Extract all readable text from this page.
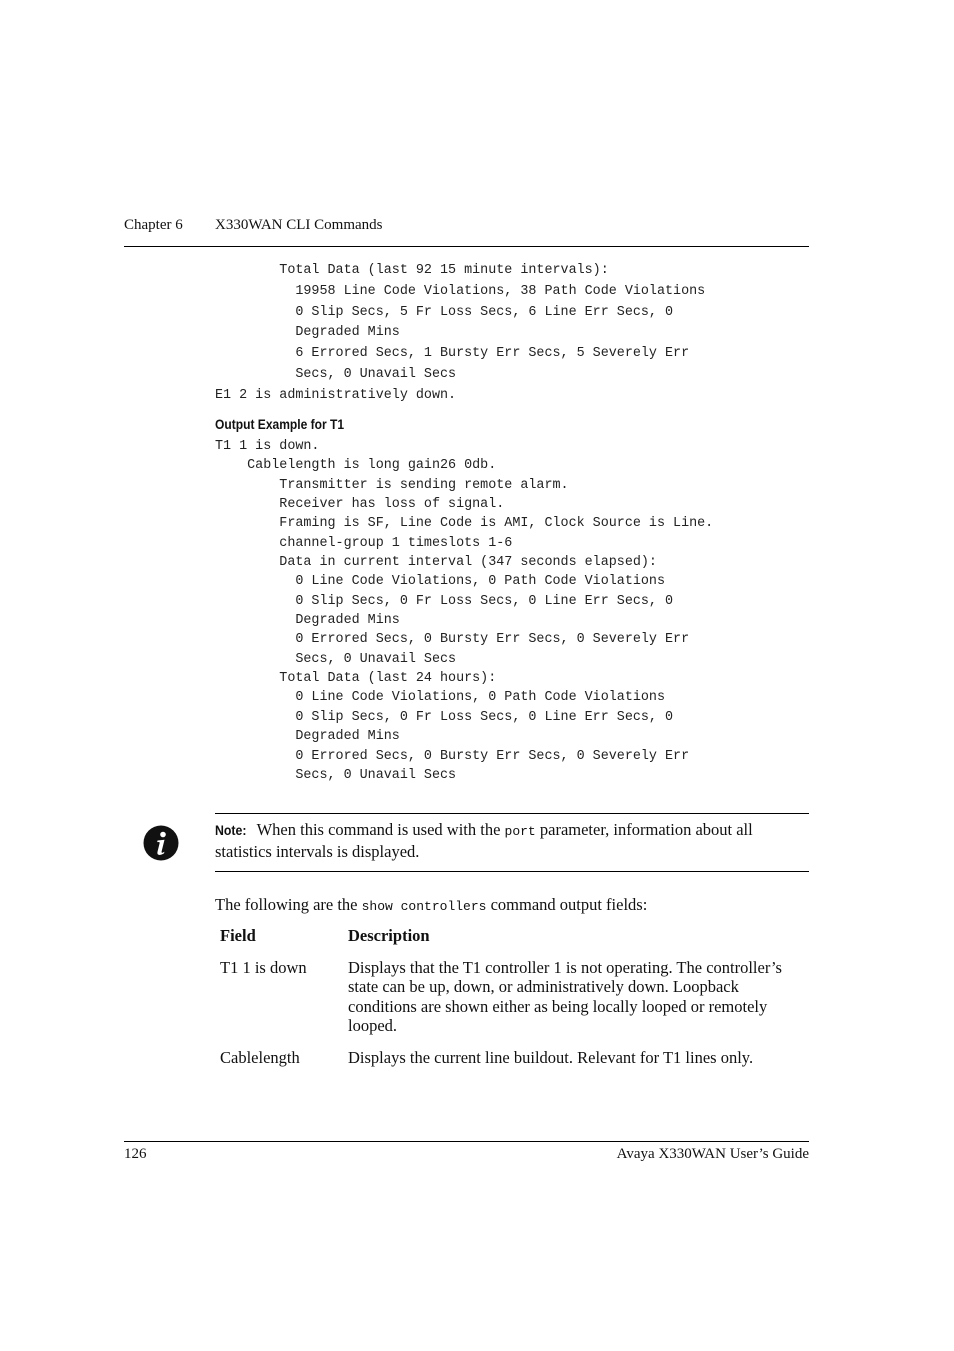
Chapter 6 X330WAN CLI Commands
Total Data (last 92 15 minute intervals):
19958 Line Code Violations, 38 Path Code Violations
0 Slip Secs, 5 Fr Loss Secs, 6 Line Err Secs, 0
Degraded Mins
6 Errored Secs, 1 Bursty Err Secs, 5 Severely Err
Secs, 0 Unavail Secs
E1 2 is administratively down.
Output Example for T1
T1 1 is down.
Cablelength is long gain26 0db.
Transmitter is sending remote alarm.
Receiver has loss of signal.
Framing is SF, Line Code is AMI, Clock Source is Line.
channel-group 1 timeslots 1-6
Data in current interval (347 seconds elapsed):
0 Line Code Violations, 0 Path Code Violations
0 Slip Secs, 0 Fr Loss Secs, 0 Line Err Secs, 0
Degraded Mins
0 Errored Secs, 0 Bursty Err Secs, 0 Severely Err
Secs, 0 Unavail Secs
Total Data (last 24 hours):
0 Line Code Violations, 0 Path Code Violations
0 Slip Secs, 0 Fr Loss Secs, 0 Line Err Secs, 0
Degraded Mins
0 Errored Secs, 0 Bursty Err Secs, 0 Severely Err
Secs, 0 Unavail Secs
Note: When this command is used with the port parameter, information about all statistics intervals is displayed.
The following are the show controllers command output fields:
Field	Description
T1 1 is down	Displays that the T1 controller 1 is not operating. The controller’s state can be up, down, or administratively down. Loopback conditions are shown either as being locally looped or remotely looped.
Cablelength	Displays the current line buildout. Relevant for T1 lines only.
126	Avaya X330WAN User’s Guide
